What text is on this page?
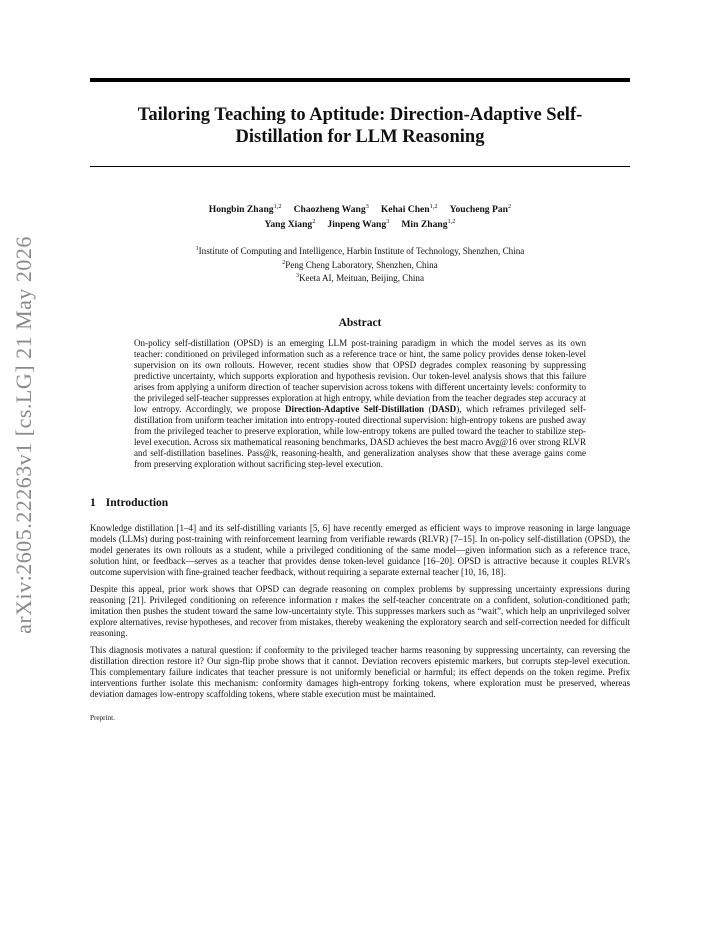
arXiv:2605.22263v1 [cs.LG] 21 May 2026
Tailoring Teaching to Aptitude: Direction-Adaptive Self-Distillation for LLM Reasoning
Hongbin Zhang$^{1,2}$ Chaozheng Wang$^3$ Kehai Chen$^{1,2}$ Youcheng Pan$^2$
Yang Xiang$^2$ Jinpeng Wang$^3$ Min Zhang$^{1,2}$
$^1$Institute of Computing and Intelligence, Harbin Institute of Technology, Shenzhen, China
$^2$Peng Cheng Laboratory, Shenzhen, China
$^3$Keeta AI, Meituan, Beijing, China
Abstract
On-policy self-distillation (OPSD) is an emerging LLM post-training paradigm in which the model serves as its own teacher: conditioned on privileged information such as a reference trace or hint, the same policy provides dense token-level supervision on its own rollouts. However, recent studies show that OPSD degrades complex reasoning by suppressing predictive uncertainty, which supports exploration and hypothesis revision. Our token-level analysis shows that this failure arises from applying a uniform direction of teacher supervision across tokens with different uncertainty levels: conformity to the privileged self-teacher suppresses exploration at high entropy, while deviation from the teacher degrades step accuracy at low entropy. Accordingly, we propose Direction-Adaptive Self-Distillation (DASD), which reframes privileged self-distillation from uniform teacher imitation into entropy-routed directional supervision: high-entropy tokens are pushed away from the privileged teacher to preserve exploration, while low-entropy tokens are pulled toward the teacher to stabilize step-level execution. Across six mathematical reasoning benchmarks, DASD achieves the best macro Avg@16 over strong RLVR and self-distillation baselines. Pass@k, reasoning-health, and generalization analyses show that these average gains come from preserving exploration without sacrificing step-level execution.
1 Introduction

Knowledge distillation [1–4] and its self-distilling variants [5, 6] have recently emerged as efficient ways to improve reasoning in large language models (LLMs) during post-training with reinforcement learning from verifiable rewards (RLVR) [7–15]. In on-policy self-distillation (OPSD), the model generates its own rollouts as a student, while a privileged conditioning of the same model—given information such as a reference trace, solution hint, or feedback—serves as a teacher that provides dense token-level guidance [16–20]. OPSD is attractive because it couples RLVR's outcome supervision with fine-grained teacher feedback, without requiring a separate external teacher [10, 16, 18].

Despite this appeal, prior work shows that OPSD can degrade reasoning on complex problems by suppressing uncertainty expressions during reasoning [21]. Privileged conditioning on reference information r makes the self-teacher concentrate on a confident, solution-conditioned path; imitation then pushes the student toward the same low-uncertainty style. This suppresses markers such as “wait”, which help an unprivileged solver explore alternatives, revise hypotheses, and recover from mistakes, thereby weakening the exploratory search and self-correction needed for difficult reasoning.

This diagnosis motivates a natural question: if conformity to the privileged teacher harms reasoning by suppressing uncertainty, can reversing the distillation direction restore it? Our sign-flip probe shows that it cannot. Deviation recovers epistemic markers, but corrupts step-level execution. This complementary failure indicates that teacher pressure is not uniformly beneficial or harmful; its effect depends on the token regime. Prefix interventions further isolate this mechanism: conformity damages high-entropy forking tokens, where exploration must be preserved, whereas deviation damages low-entropy scaffolding tokens, where stable execution must be maintained.

Preprint.
